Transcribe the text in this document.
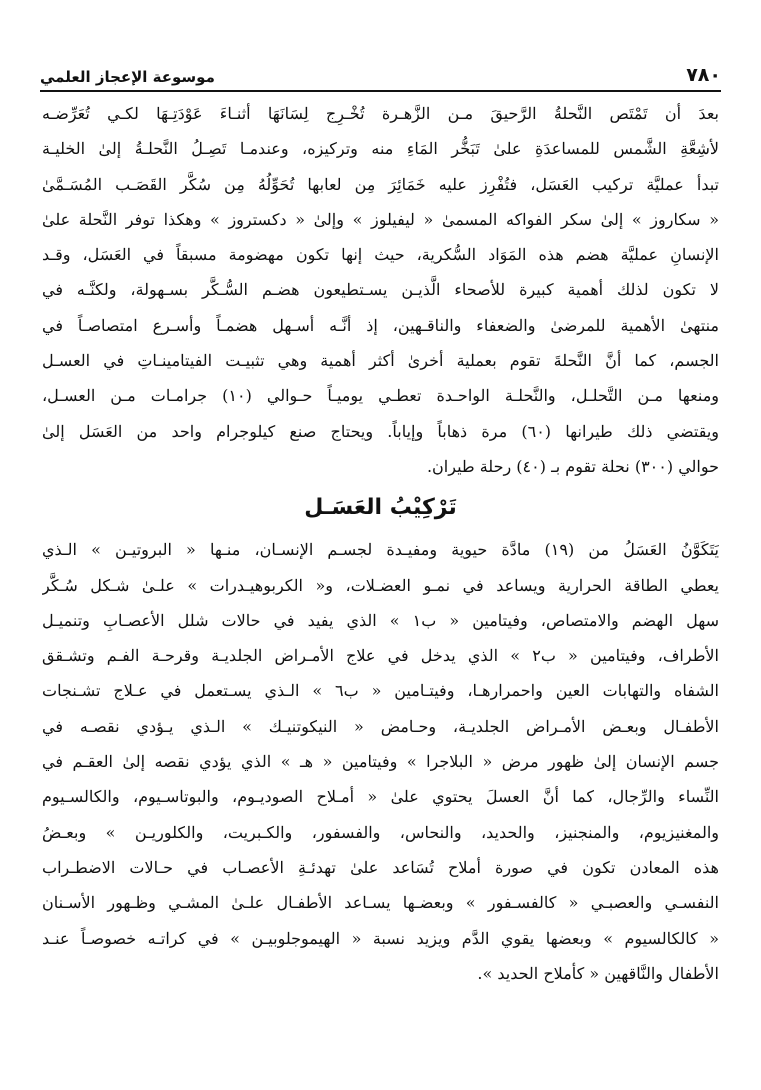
٧٨٠
موسوعة الإعجاز العلمي
بعدَ أن تَمْتَص النَّحلةُ الرَّحيقَ مـن الزَّهـرة تُخْـرِج لِسَانَهَا أثنـاءَ عَوْدَتِـهَا لكـي تُعَرِّضـه
لأشِعَّةِ الشَّمس للمساعدَةِ علىٰ تَبَخُّر المَاءِ منه وتركيزه، وعندمـا تَصِـلُ النَّحلـةُ إلىٰ الخليـة
تبدأ عمليَّة تركيب العَسَل، فتُفْرِز عليه خَمَائِرَ مِن لعابها تُحَوِّلُهُ مِن سُكَّر القَصَـب المُسَـمَّىٰ
« سكاروز » إلىٰ سكر الفواكه المسمىٰ « ليفيلوز » وإلىٰ « دكستروز » وهكذا توفر النَّحلة علىٰ
الإنسانِ عمليَّة هضم هذه المَوَاد السُّكرية، حيث إنها تكون مهضومة مسبقاً في العَسَل، وقـد
لا تكون لذلك أهمية كبيرة للأصحاء الَّذيـن يسـتطيعون هضـم السُّـكَّر بسـهولة، ولكنَّـه في
منتهىٰ الأهمية للمرضىٰ والضعفاء والناقـهين، إذ أنَّـه أسـهل هضمـاً وأسـرع امتصاصـاً في
الجسم، كما أنَّ النَّحلةَ تقوم بعملية أخرىٰ أكثر أهمية وهي تثبيـت الفيتامينـاتِ في العسـل
ومنعها مـن التَّحلـل، والنَّحلـة الواحـدة تعطـي يوميـاً حـوالي (١٠) جرامـات مـن العسـل،
ويقتضي ذلك طيرانها (٦٠) مرة ذهاباً وإياباً. ويحتاج صنع كيلوجرام واحد من العَسَل إلىٰ
حوالي (٣٠٠) نحلة تقوم بـ (٤٠) رحلة طيران.
تَرْكِيْبُ العَسَـل
يَتَكَوَّنُ العَسَلُ من (١٩) مادَّة حيوية ومفيـدة لجسـم الإنسـان، منـها « البروتيـن » الـذي
يعطي الطاقة الحرارية ويساعد في نمـو العضـلات، و« الكربوهيـدرات » علـىٰ شـكل سُـكَّر
سهل الهضم والامتصاص، وفيتامين « ب١ » الذي يفيد في حالات شلل الأعصـابِ وتنميـل
الأطراف، وفيتامين « ب٢ » الذي يدخل في علاج الأمـراض الجلديـة وقرحـة الفـم وتشـقق
الشفاه والتهابات العين واحمرارهـا، وفيتـامين « ب٦ » الـذي يسـتعمل في عـلاج تشـنجات
الأطفـال وبعـض الأمـراض الجلديـة، وحـامض « النيكوتنيـك » الـذي يـؤدي نقصـه في
جسم الإنسان إلىٰ ظهور مرض « البلاجرا » وفيتامين « هـ » الذي يؤدي نقصه إلىٰ العقـم في
النِّساء والرِّجال، كما أنَّ العسلَ يحتوي علىٰ « أمـلاح الصوديـوم، والبوتاسـيوم، والكالسـيوم
والمغنيزيوم، والمنجنيز، والحديد، والنحاس، والفسفور، والكـبريت، والكلوريـن » وبعـضُ
هذه المعادن تكون في صورة أملاح تُسَاعد علىٰ تهدئـةِ الأعصـاب في حـالات الاضطـراب
النفسـي والعصبـي « كالفسـفور » وبعضـها يسـاعد الأطفـال علـىٰ المشـي وظـهور الأسـنان
« كالكالسيوم » وبعضها يقوي الدَّم ويزيد نسبة « الهيموجلوبيـن » في كراتـه خصوصـاً عنـد
الأطفال والنَّاقهين « كأملاح الحديد ».
